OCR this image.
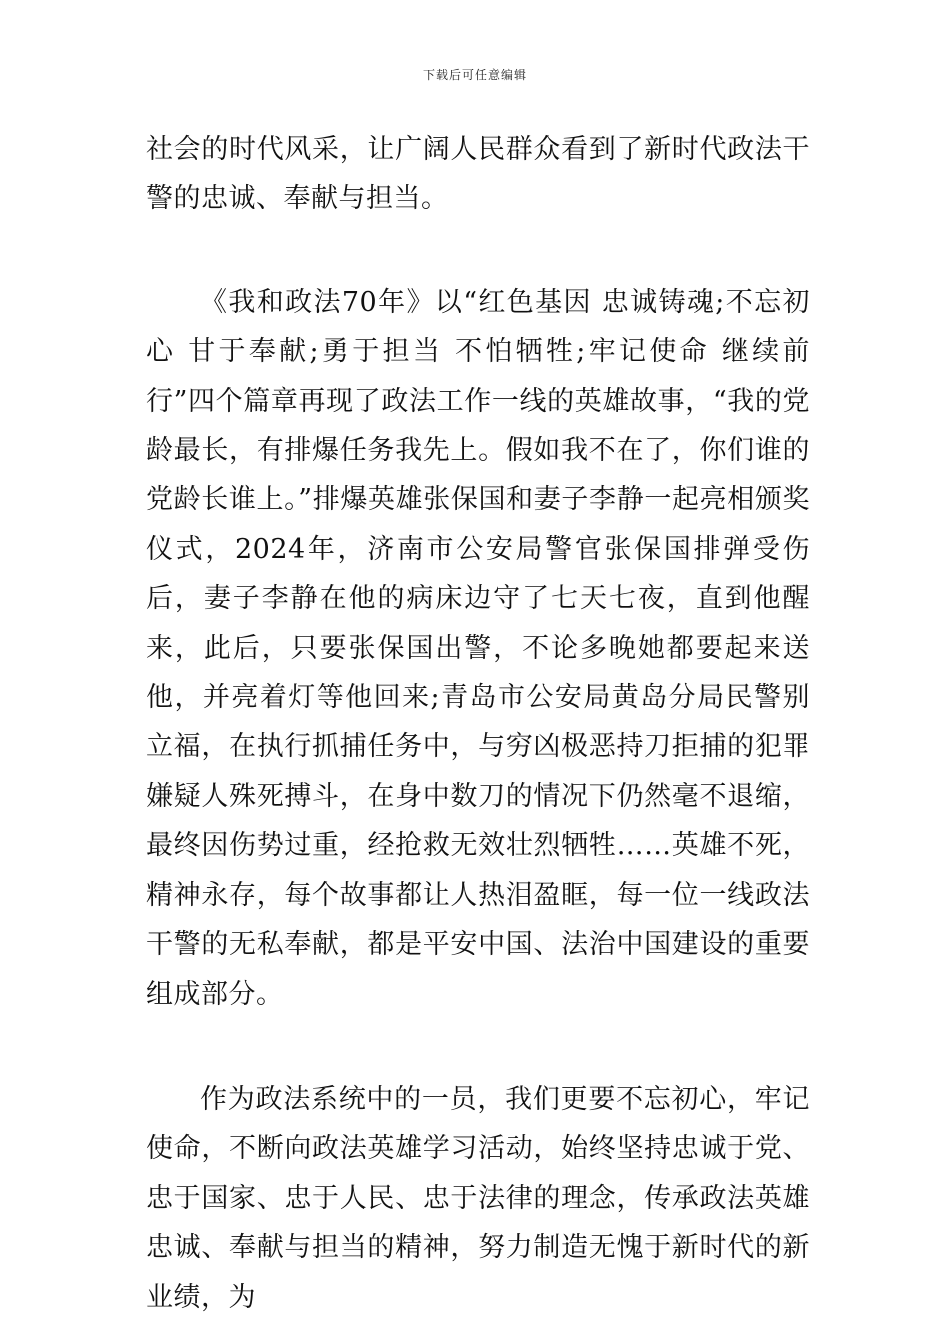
下载后可任意编辑

社会的时代风采，让广阔人民群众看到了新时代政法干警的忠诚、奉献与担当。

《我和政法70年》以“红色基因 忠诚铸魂;不忘初心 甘于奉献;勇于担当 不怕牺牲;牢记使命 继续前行”四个篇章再现了政法工作一线的英雄故事，“我的党龄最长，有排爆任务我先上。假如我不在了，你们谁的党龄长谁上。”排爆英雄张保国和妻子李静一起亮相颁奖仪式，2024年，济南市公安局警官张保国排弹受伤后，妻子李静在他的病床边守了七天七夜，直到他醒来，此后，只要张保国出警，不论多晚她都要起来送他，并亮着灯等他回来;青岛市公安局黄岛分局民警别立福，在执行抓捕任务中，与穷凶极恶持刀拒捕的犯罪嫌疑人殊死搏斗，在身中数刀的情况下仍然毫不退缩，最终因伤势过重，经抢救无效壮烈牺牲……英雄不死，精神永存，每个故事都让人热泪盈眶，每一位一线政法干警的无私奉献，都是平安中国、法治中国建设的重要组成部分。

作为政法系统中的一员，我们更要不忘初心，牢记使命，不断向政法英雄学习活动，始终坚持忠诚于党、忠于国家、忠于人民、忠于法律的理念，传承政法英雄忠诚、奉献与担当的精神，努力制造无愧于新时代的新业绩，为
